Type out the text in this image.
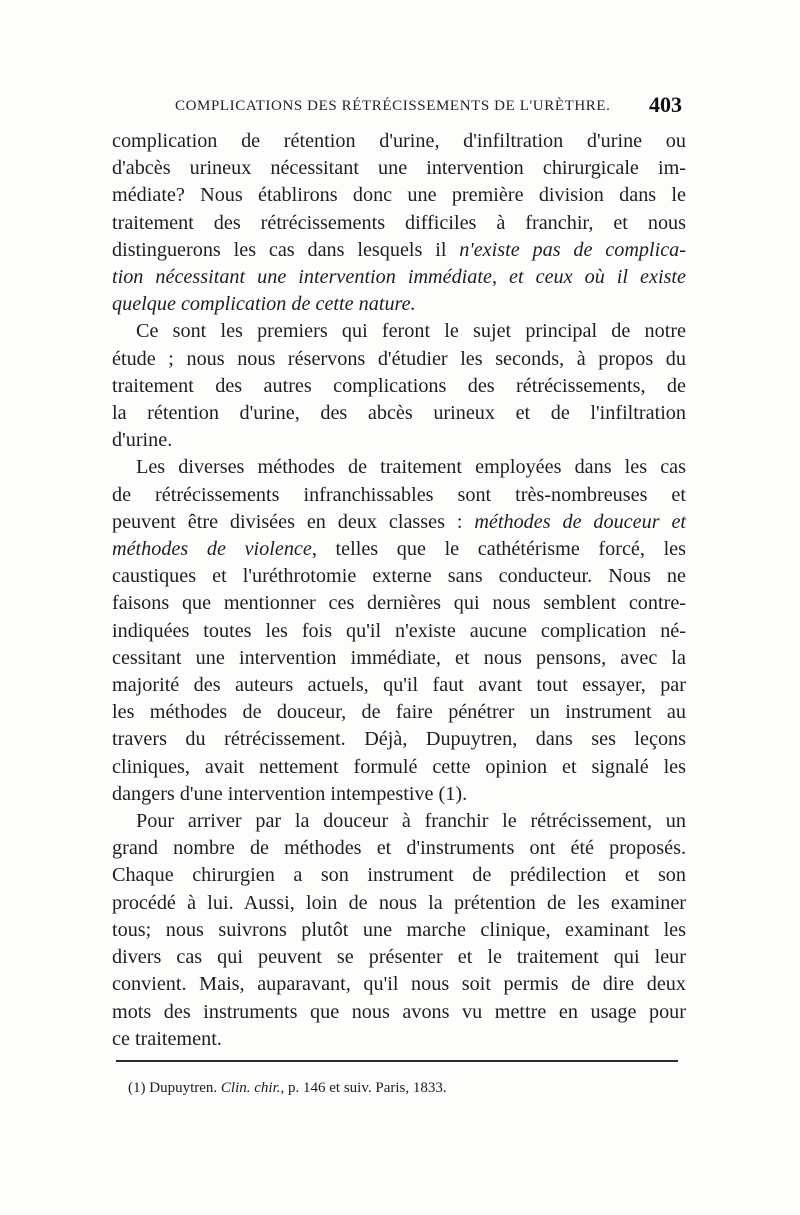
COMPLICATIONS DES RÉTRÉCISSEMENTS DE L'URÈTHRE. 403
complication de rétention d'urine, d'infiltration d'urine ou
d'abcès urineux nécessitant une intervention chirurgicale im-
médiate? Nous établirons donc une première division dans le
traitement des rétrécissements difficiles à franchir, et nous
distinguerons les cas dans lesquels il n'existe pas de complica-
tion nécessitant une intervention immédiate, et ceux où il existe
quelque complication de cette nature.
Ce sont les premiers qui feront le sujet principal de notre
étude ; nous nous réservons d'étudier les seconds, à propos du
traitement des autres complications des rétrécissements, de
la rétention d'urine, des abcès urineux et de l'infiltration
d'urine.
Les diverses méthodes de traitement employées dans les cas
de rétrécissements infranchissables sont très-nombreuses et
peuvent être divisées en deux classes : méthodes de douceur et
méthodes de violence, telles que le cathétérisme forcé, les
caustiques et l'uréthrotomie externe sans conducteur. Nous ne
faisons que mentionner ces dernières qui nous semblent contre-
indiquées toutes les fois qu'il n'existe aucune complication né-
cessitant une intervention immédiate, et nous pensons, avec la
majorité des auteurs actuels, qu'il faut avant tout essayer, par
les méthodes de douceur, de faire pénétrer un instrument au
travers du rétrécissement. Déjà, Dupuytren, dans ses leçons
cliniques, avait nettement formulé cette opinion et signalé les
dangers d'une intervention intempestive (1).
Pour arriver par la douceur à franchir le rétrécissement, un
grand nombre de méthodes et d'instruments ont été proposés.
Chaque chirurgien a son instrument de prédilection et son
procédé à lui. Aussi, loin de nous la prétention de les examiner
tous; nous suivrons plutôt une marche clinique, examinant les
divers cas qui peuvent se présenter et le traitement qui leur
convient. Mais, auparavant, qu'il nous soit permis de dire deux
mots des instruments que nous avons vu mettre en usage pour
ce traitement.
(1) Dupuytren. Clin. chir., p. 146 et suiv. Paris, 1833.
